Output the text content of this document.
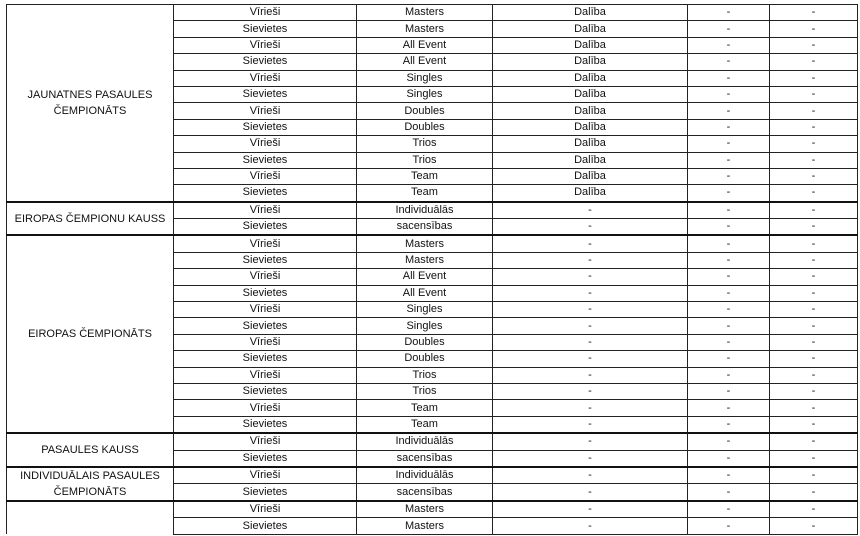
JAUNATNES PASAULES ČEMPIONĀTS	Vīrieši	Masters	Dalība	-	-
	Sievietes	Masters	Dalība	-	-
	Vīrieši	All Event	Dalība	-	-
	Sievietes	All Event	Dalība	-	-
	Vīrieši	Singles	Dalība	-	-
	Sievietes	Singles	Dalība	-	-
	Vīrieši	Doubles	Dalība	-	-
	Sievietes	Doubles	Dalība	-	-
	Vīrieši	Trios	Dalība	-	-
	Sievietes	Trios	Dalība	-	-
	Vīrieši	Team	Dalība	-	-
	Sievietes	Team	Dalība	-	-
EIROPAS ČEMPIONU KAUSS	Vīrieši	Individuālās	-	-	-
	Sievietes	sacensības	-	-	-
EIROPAS ČEMPIONĀTS	Vīrieši	Masters	-	-	-
	Sievietes	Masters	-	-	-
	Vīrieši	All Event	-	-	-
	Sievietes	All Event	-	-	-
	Vīrieši	Singles	-	-	-
	Sievietes	Singles	-	-	-
	Vīrieši	Doubles	-	-	-
	Sievietes	Doubles	-	-	-
	Vīrieši	Trios	-	-	-
	Sievietes	Trios	-	-	-
	Vīrieši	Team	-	-	-
	Sievietes	Team	-	-	-
PASAULES KAUSS	Vīrieši	Individuālās	-	-	-
	Sievietes	sacensības	-	-	-
INDIVIDUĀLAIS PASAULES ČEMPIONĀTS	Vīrieši	Individuālās	-	-	-
	Sievietes	sacensības	-	-	-
	Vīrieši	Masters	-	-	-
	Sievietes	Masters	-	-	-
